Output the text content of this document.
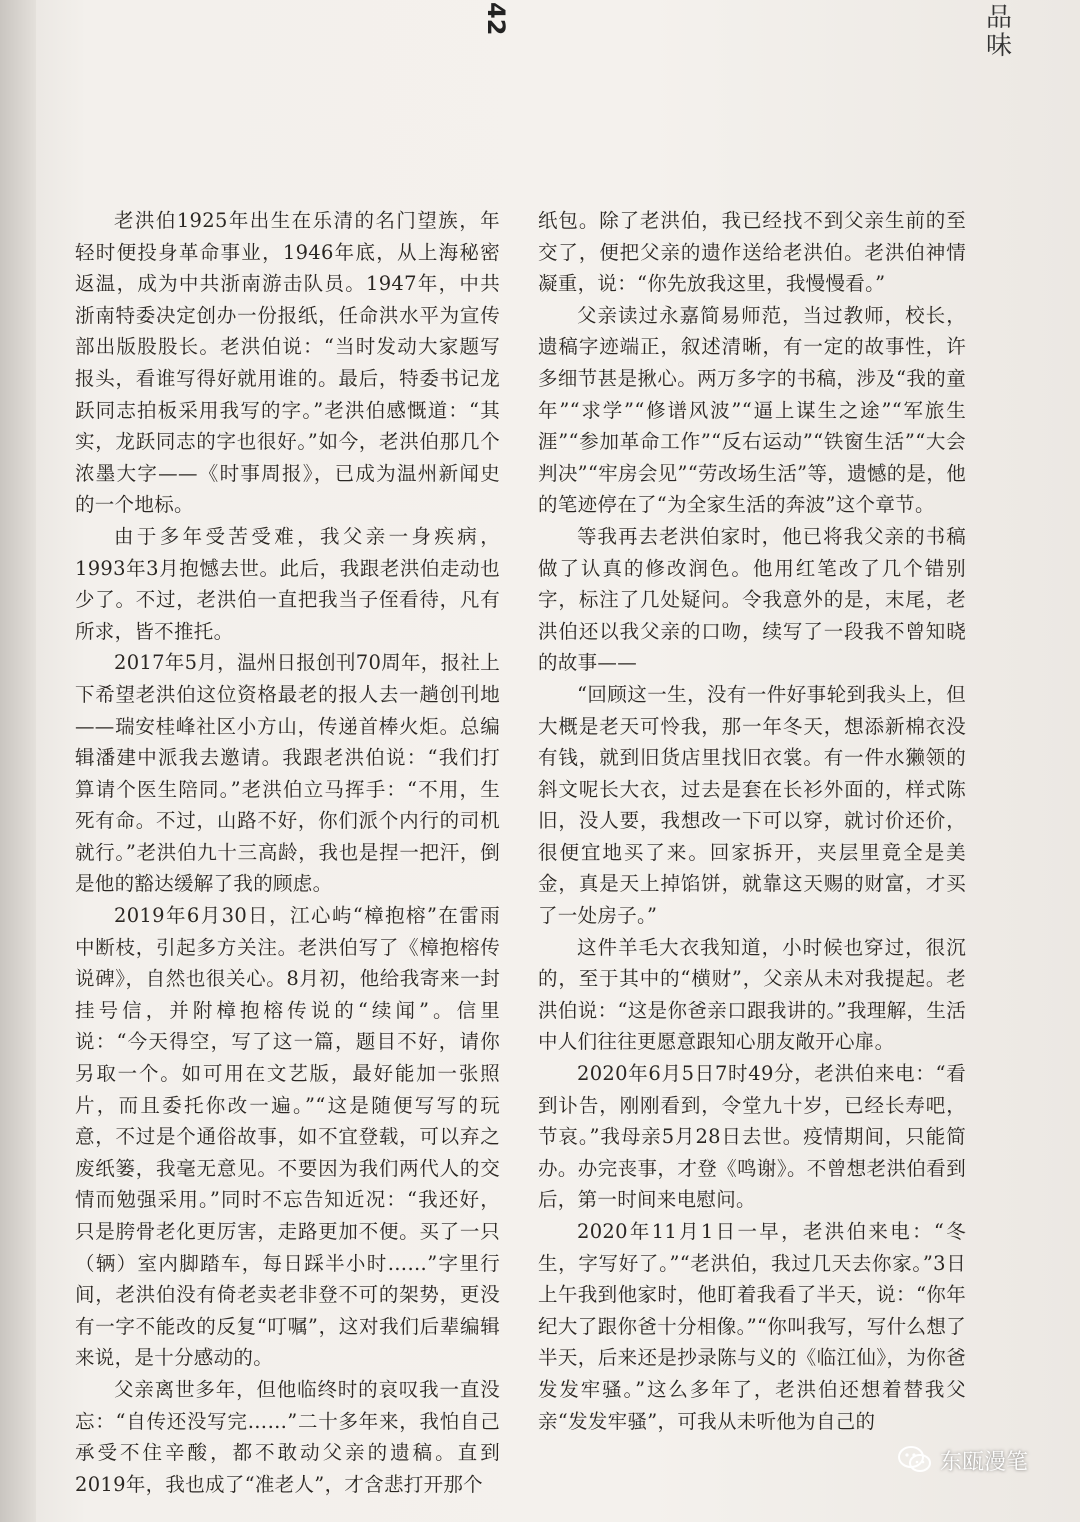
42	品味

老洪伯1925年出生在乐清的名门望族，年轻时便投身革命事业，1946年底，从上海秘密返温，成为中共浙南游击队员。1947年，中共浙南特委决定创办一份报纸，任命洪水平为宣传部出版股股长。老洪伯说：“当时发动大家题写报头，看谁写得好就用谁的。最后，特委书记龙跃同志拍板采用我写的字。”老洪伯感慨道：“其实，龙跃同志的字也很好。”如今，老洪伯那几个浓墨大字——《时事周报》，已成为温州新闻史的一个地标。

由于多年受苦受难，我父亲一身疾病，1993年3月抱憾去世。此后，我跟老洪伯走动也少了。不过，老洪伯一直把我当子侄看待，凡有所求，皆不推托。

2017年5月，温州日报创刊70周年，报社上下希望老洪伯这位资格最老的报人去一趟创刊地——瑞安桂峰社区小方山，传递首棒火炬。总编辑潘建中派我去邀请。我跟老洪伯说：“我们打算请个医生陪同。”老洪伯立马挥手：“不用，生死有命。不过，山路不好，你们派个内行的司机就行。”老洪伯九十三高龄，我也是捏一把汗，倒是他的豁达缓解了我的顾虑。

2019年6月30日，江心屿“樟抱榕”在雷雨中断枝，引起多方关注。老洪伯写了《樟抱榕传说碑》，自然也很关心。8月初，他给我寄来一封挂号信，并附樟抱榕传说的“续闻”。信里说：“今天得空，写了这一篇，题目不好，请你另取一个。如可用在文艺版，最好能加一张照片，而且委托你改一遍。”“这是随便写写的玩意，不过是个通俗故事，如不宜登载，可以弃之废纸篓，我毫无意见。不要因为我们两代人的交情而勉强采用。”同时不忘告知近况：“我还好，只是胯骨老化更厉害，走路更加不便。买了一只（辆）室内脚踏车，每日踩半小时……”字里行间，老洪伯没有倚老卖老非登不可的架势，更没有一字不能改的反复“叮嘱”，这对我们后辈编辑来说，是十分感动的。

父亲离世多年，但他临终时的哀叹我一直没忘：“自传还没写完……”二十多年来，我怕自己承受不住辛酸，都不敢动父亲的遗稿。直到2019年，我也成了“准老人”，才含悲打开那个

纸包。除了老洪伯，我已经找不到父亲生前的至交了，便把父亲的遗作送给老洪伯。老洪伯神情凝重，说：“你先放我这里，我慢慢看。”

父亲读过永嘉简易师范，当过教师，校长，遗稿字迹端正，叙述清晰，有一定的故事性，许多细节甚是揪心。两万多字的书稿，涉及“我的童年”“求学”“修谱风波”“逼上谋生之途”“军旅生涯”“参加革命工作”“反右运动”“铁窗生活”“大会判决”“牢房会见”“劳改场生活”等，遗憾的是，他的笔迹停在了“为全家生活的奔波”这个章节。

等我再去老洪伯家时，他已将我父亲的书稿做了认真的修改润色。他用红笔改了几个错别字，标注了几处疑问。令我意外的是，末尾，老洪伯还以我父亲的口吻，续写了一段我不曾知晓的故事——

“回顾这一生，没有一件好事轮到我头上，但大概是老天可怜我，那一年冬天，想添新棉衣没有钱，就到旧货店里找旧衣裳。有一件水獭领的斜文呢长大衣，过去是套在长衫外面的，样式陈旧，没人要，我想改一下可以穿，就讨价还价，很便宜地买了来。回家拆开，夹层里竟全是美金，真是天上掉馅饼，就靠这天赐的财富，才买了一处房子。”

这件羊毛大衣我知道，小时候也穿过，很沉的，至于其中的“横财”，父亲从未对我提起。老洪伯说：“这是你爸亲口跟我讲的。”我理解，生活中人们往往更愿意跟知心朋友敞开心扉。

2020年6月5日7时49分，老洪伯来电：“看到讣告，刚刚看到，令堂九十岁，已经长寿吧，节哀。”我母亲5月28日去世。疫情期间，只能简办。办完丧事，才登《鸣谢》。不曾想老洪伯看到后，第一时间来电慰问。

2020年11月1日一早，老洪伯来电：“冬生，字写好了。”“老洪伯，我过几天去你家。”3日上午我到他家时，他盯着我看了半天，说：“你年纪大了跟你爸十分相像。”“你叫我写，写什么想了半天，后来还是抄录陈与义的《临江仙》，为你爸发发牢骚。”这么多年了，老洪伯还想着替我父亲“发发牢骚”，可我从未听他为自己的

东瓯漫笔
